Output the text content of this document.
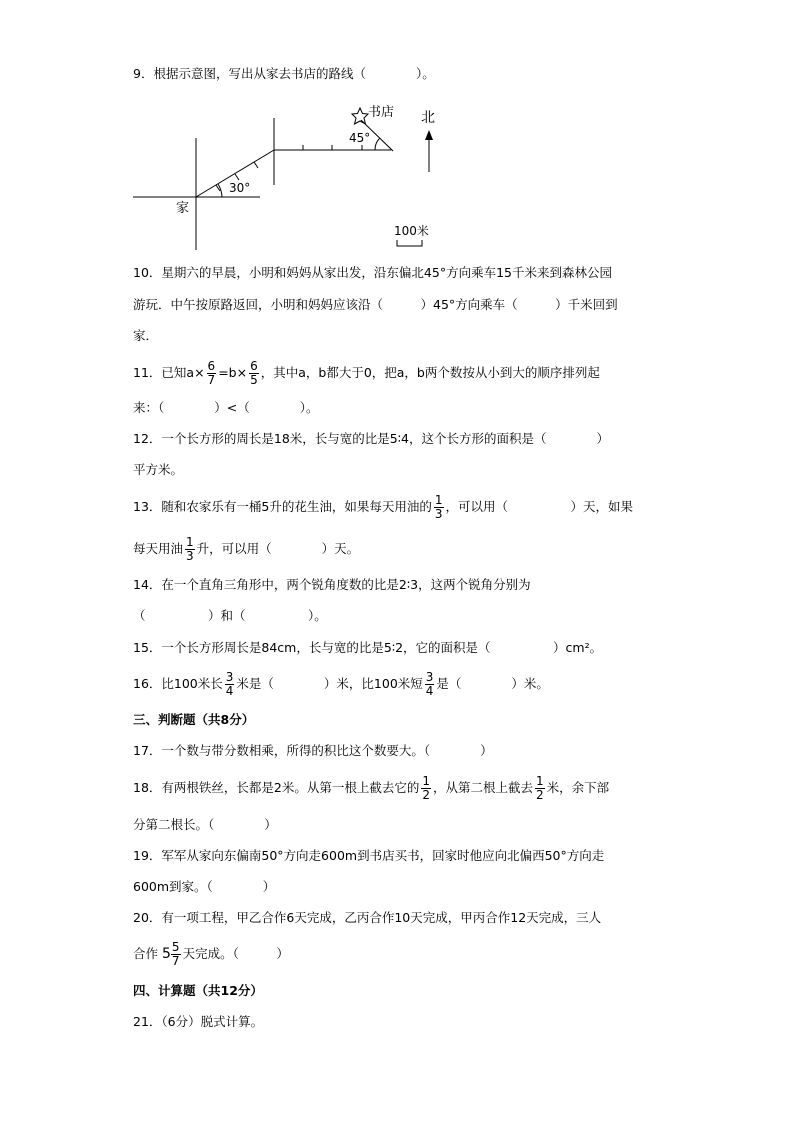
9．根据示意图，写出从家去书店的路线（　　　　）。
书店
45°
30°
家
北
100米
10．星期六的早晨，小明和妈妈从家出发，沿东偏北45°方向乘车15千米来到森林公园
游玩．中午按原路返回，小明和妈妈应该沿（　　　）45°方向乘车（　　　）千米回到
家．
11．已知$a\times \frac{6}{7} =b\times \frac{6}{5}$ ，其中a，b都大于0，把a，b两个数按从小到大的顺序排列起
来：（　　　　）<（　　　　）。
12．一个长方形的周长是18米，长与宽的比是5∶4，这个长方形的面积是（　　　　）
平方米。
13．随和农家乐有一桶5升的花生油，如果每天用油的 $\frac{1}{3}$ ，可以用（　　　　　）天，如果
每天用油 $\frac{1}{3}$ 升，可以用（　　　　）天。
14．在一个直角三角形中，两个锐角度数的比是2∶3，这两个锐角分别为
（　　　　　）和（　　　　　）。
15．一个长方形周长是84cm，长与宽的比是5∶2，它的面积是（　　　　　）cm²。
16．比100米长 $\frac{3}{4}$ 米是（　　　　）米，比100米短 $\frac{3}{4}$ 是（　　　　）米。
三、判断题（共8分）
17．一个数与带分数相乘，所得的积比这个数要大。（　　　　）
18．有两根铁丝，长都是2米。从第一根上截去它的 $\frac{1}{2}$ ，从第二根上截去 $\frac{1}{2}$ 米，余下部
分第二根长。（　　　　）
19．军军从家向东偏南50°方向走600m到书店买书，回家时他应向北偏西50°方向走
600m到家。（　　　　）
20．有一项工程，甲乙合作6天完成，乙丙合作10天完成，甲丙合作12天完成，三人
合作 $5 \frac{5}{7}$ 天完成。（　　　）
四、计算题（共12分）
21．（6分）脱式计算。
